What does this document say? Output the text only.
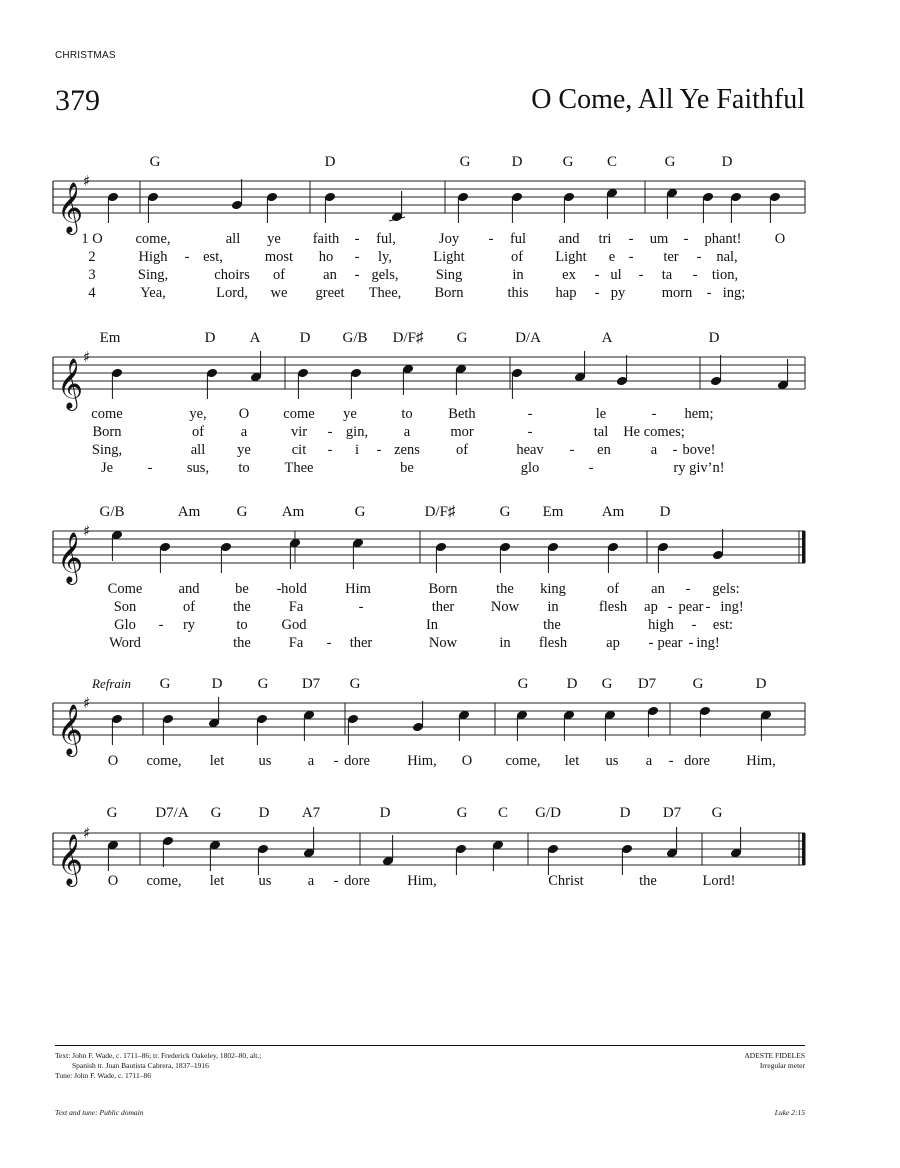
CHRISTMAS
379	O Come, All Ye Faithful
𝄞
♯
G	D	G	D	G C	G	D
1 O come,	all ye faith - ful,	Joy - ful and tri - um - phant! O
2	High - est,	most ho - ly,	Light	of Light e - ter - nal,
3	Sing,	choirs of	an - gels,	Sing	in	ex - ul - ta - tion,
4	Yea,	Lord, we greet Thee, Born	this hap - py	morn - ing;
𝄞
♯
Em	D A	D G/B D/F♯ G	D/A	A	D
come	ye, O come ye	to Beth	-	le	- hem;
Born	of	a	vir - gin, a	mor	-	tal He comes;
Sing,	all ye	cit - i - zens of	heav - en	a - bove!
Je - sus, to Thee	be	glo	-	ry giv’n!
𝄞
♯
G/B	Am G Am	G	D/F♯	G Em	Am D
Come and be - hold	Him	Born	the king	of an - gels:
Son	of	the	Fa	-	ther	Now in	flesh ap - pear - ing!
Glo - ry	to God	In	the	high - est:
Word	the	Fa - ther	Now	in flesh	ap - pear - ing!
𝄞
♯
Refrain G	D G D7 G	G	D G D7 G	D
O come, let us	a - dore	Him, O come, let us a - dore	Him,
𝄞
♯
G	D7/A G D A7	D	G C G/D	D D7 G
O come, let us	a - dore	Him,	Christ	the	Lord!
Text: John F. Wade, c. 1711–86; tr. Frederick Oakeley, 1802–80, alt.;
Spanish tr. Juan Bautista Cabrera, 1837–1916
Tune: John F. Wade, c. 1711–86
ADESTE FIDELES
Irregular meter
Text and tune: Public domain	Luke 2:15
